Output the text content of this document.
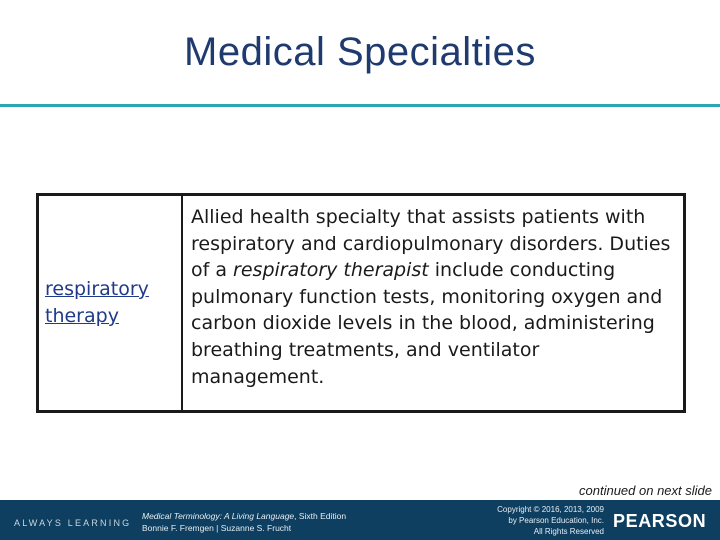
Medical Specialties
respiratory
therapy
Allied health specialty that assists patients with respiratory and cardiopulmonary disorders. Duties of a respiratory therapist include conducting pulmonary function tests, monitoring oxygen and carbon dioxide levels in the blood, administering breathing treatments, and ventilator management.
continued on next slide
ALWAYS LEARNING
Medical Terminology: A Living Language, Sixth Edition
Bonnie F. Fremgen | Suzanne S. Frucht
Copyright © 2016, 2013, 2009
by Pearson Education, Inc.
All Rights Reserved
PEARSON
